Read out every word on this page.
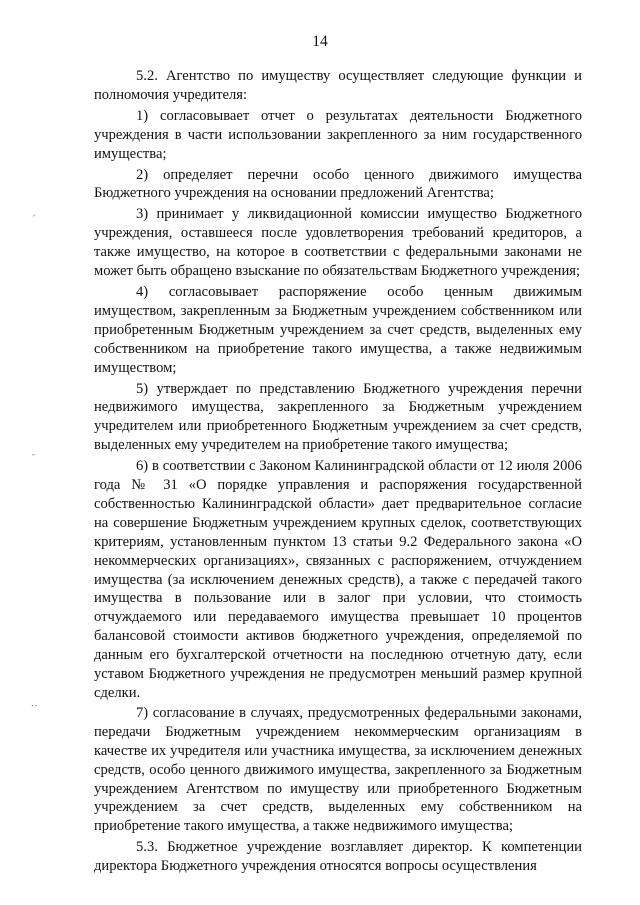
14
ˏ
ˉ
ˑˑ

5.2. Агентство по имуществу осуществляет следующие функции и полномочия учредителя:

1) согласовывает отчет о результатах деятельности Бюджетного учреждения в части использовании закрепленного за ним государственного имущества;

2) определяет перечни особо ценного движимого имущества Бюджетного учреждения на основании предложений Агентства;

3) принимает у ликвидационной комиссии имущество Бюджетного учреждения, оставшееся после удовлетворения требований кредиторов, а также имущество, на которое в соответствии с федеральными законами не может быть обращено взыскание по обязательствам Бюджетного учреждения;

4) согласовывает распоряжение особо ценным движимым имуществом, закрепленным за Бюджетным учреждением собственником или приобретенным Бюджетным учреждением за счет средств, выделенных ему собственником на приобретение такого имущества, а также недвижимым имуществом;

5) утверждает по представлению Бюджетного учреждения перечни недвижимого имущества, закрепленного за Бюджетным учреждением учредителем или приобретенного Бюджетным учреждением за счет средств, выделенных ему учредителем на приобретение такого имущества;

6) в соответствии с Законом Калининградской области от 12 июля 2006 года № 31 «О порядке управления и распоряжения государственной собственностью Калининградской области» дает предварительное согласие на совершение Бюджетным учреждением крупных сделок, соответствующих критериям, установленным пунктом 13 статьи 9.2 Федерального закона «О некоммерческих организациях», связанных с распоряжением, отчуждением имущества (за исключением денежных средств), а также с передачей такого имущества в пользование или в залог при условии, что стоимость отчуждаемого или передаваемого имущества превышает 10 процентов балансовой стоимости активов бюджетного учреждения, определяемой по данным его бухгалтерской отчетности на последнюю отчетную дату, если уставом Бюджетного учреждения не предусмотрен меньший размер крупной сделки.

7) согласование в случаях, предусмотренных федеральными законами, передачи Бюджетным учреждением некоммерческим организациям в качестве их учредителя или участника имущества, за исключением денежных средств, особо ценного движимого имущества, закрепленного за Бюджетным учреждением Агентством по имуществу или приобретенного Бюджетным учреждением за счет средств, выделенных ему собственником на приобретение такого имущества, а также недвижимого имущества;

5.3. Бюджетное учреждение возглавляет директор. К компетенции директора Бюджетного учреждения относятся вопросы осуществления
